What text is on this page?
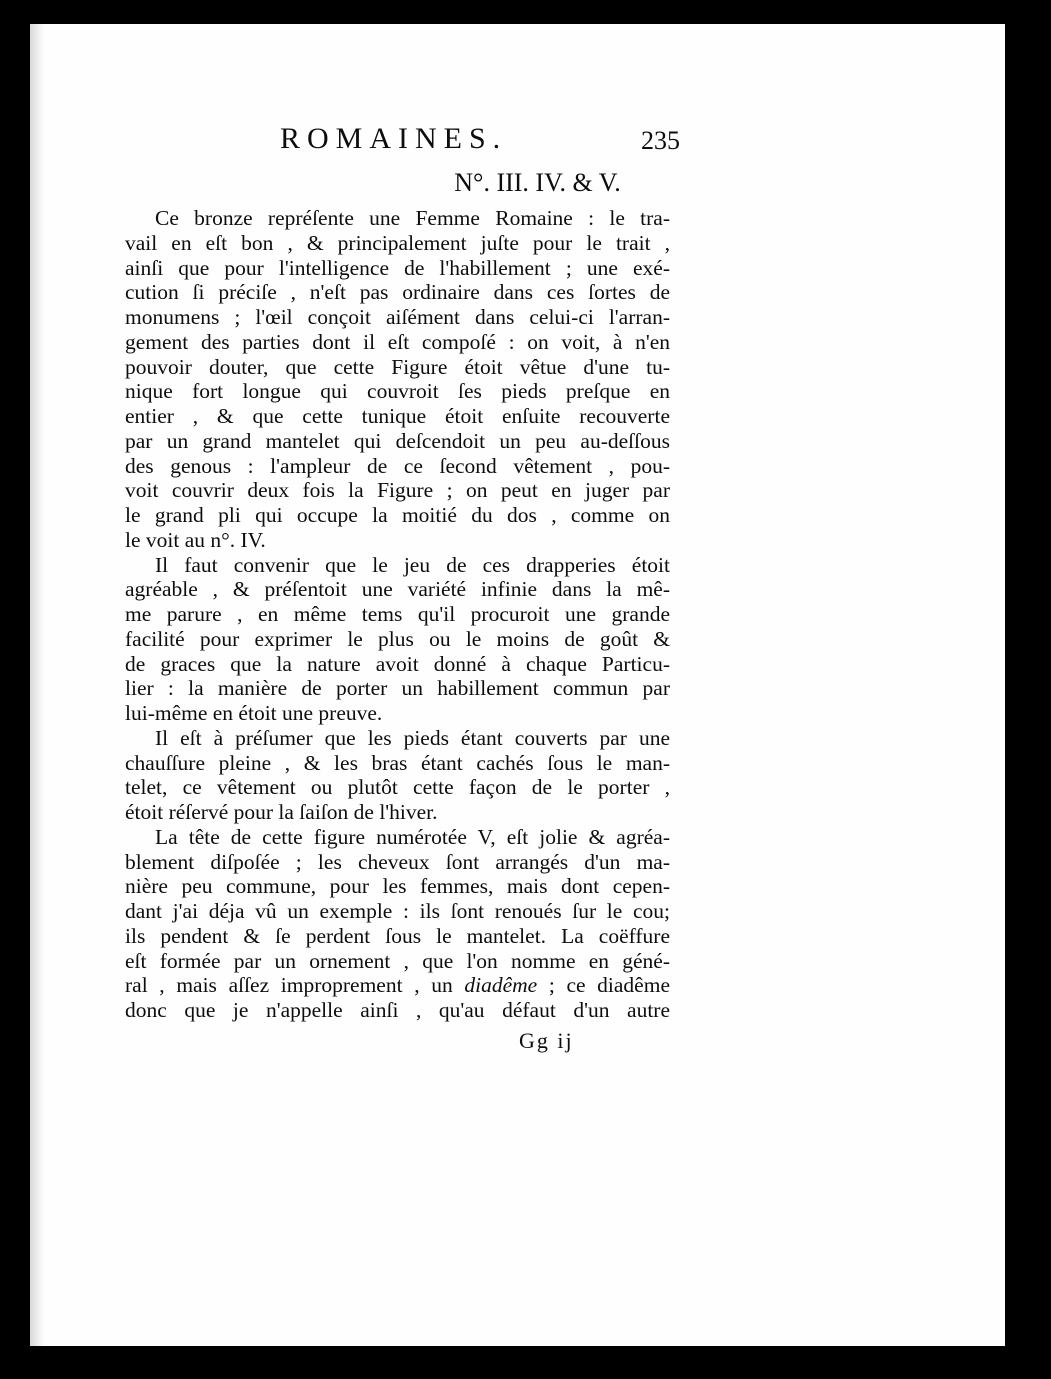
ROMAINES.	235
N°. III. IV. & V.
Ce bronze repréſente une Femme Romaine : le tra-
vail en eſt bon , & principalement juſte pour le trait ,
ainſi que pour l'intelligence de l'habillement ; une exé-
cution ſi préciſe , n'eſt pas ordinaire dans ces ſortes de
monumens ; l'œil conçoit aiſément dans celui-ci l'arran-
gement des parties dont il eſt compoſé : on voit, à n'en
pouvoir douter, que cette Figure étoit vêtue d'une tu-
nique fort longue qui couvroit ſes pieds preſque en
entier , & que cette tunique étoit enſuite recouverte
par un grand mantelet qui deſcendoit un peu au-deſſous
des genous : l'ampleur de ce ſecond vêtement , pou-
voit couvrir deux fois la Figure ; on peut en juger par
le grand pli qui occupe la moitié du dos , comme on
le voit au n°. IV.
Il faut convenir que le jeu de ces drapperies étoit
agréable , & préſentoit une variété infinie dans la mê-
me parure , en même tems qu'il procuroit une grande
facilité pour exprimer le plus ou le moins de goût &
de graces que la nature avoit donné à chaque Particu-
lier : la manière de porter un habillement commun par
lui-même en étoit une preuve.
Il eſt à préſumer que les pieds étant couverts par une
chauſſure pleine , & les bras étant cachés ſous le man-
telet, ce vêtement ou plutôt cette façon de le porter ,
étoit réſervé pour la ſaiſon de l'hiver.
La tête de cette figure numérotée V, eſt jolie & agréa-
blement diſpoſée ; les cheveux ſont arrangés d'un ma-
nière peu commune, pour les femmes, mais dont cepen-
dant j'ai déja vû un exemple : ils ſont renoués ſur le cou;
ils pendent & ſe perdent ſous le mantelet. La coëffure
eſt formée par un ornement , que l'on nomme en géné-
ral , mais aſſez improprement , un diadême ; ce diadême
donc que je n'appelle ainſi , qu'au défaut d'un autre
Gg ij
